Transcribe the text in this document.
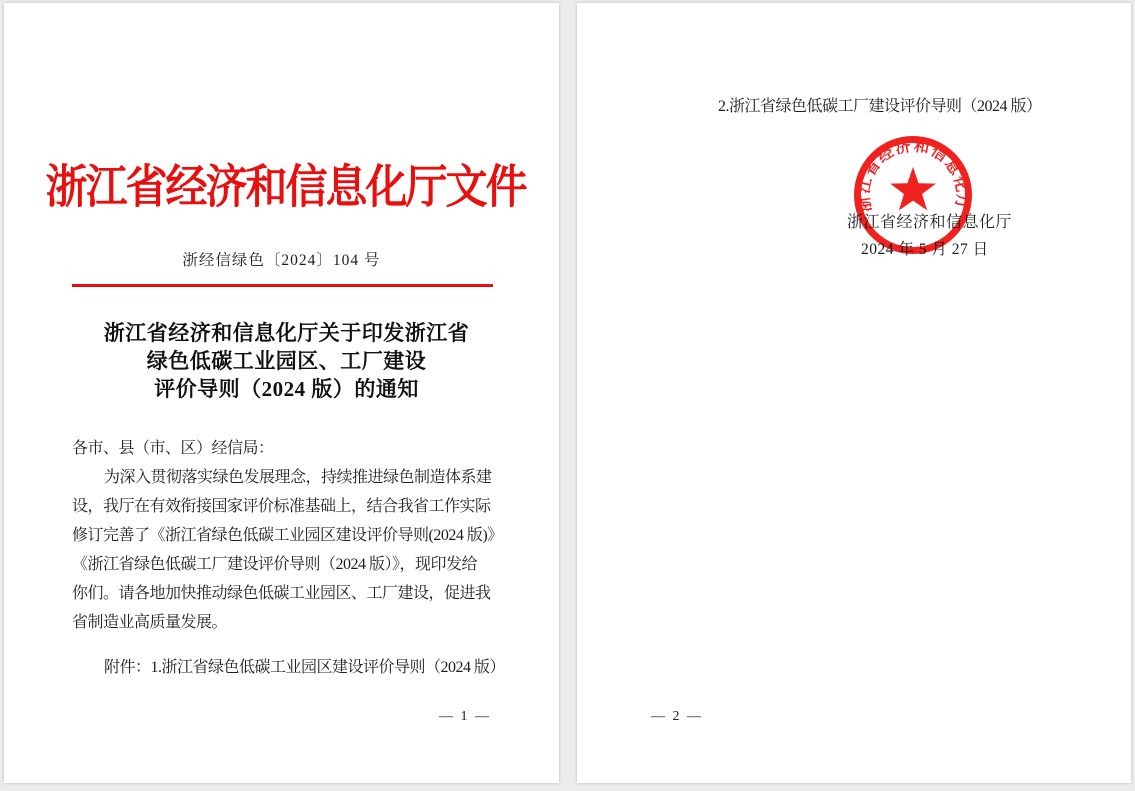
浙江省经济和信息化厅文件
浙经信绿色〔2024〕104 号
浙江省经济和信息化厅关于印发浙江省
绿色低碳工业园区、工厂建设
评价导则（2024 版）的通知
各市、县（市、区）经信局：
为深入贯彻落实绿色发展理念，持续推进绿色制造体系建
设，我厅在有效衔接国家评价标准基础上，结合我省工作实际
修订完善了《浙江省绿色低碳工业园区建设评价导则(2024 版)》
《浙江省绿色低碳工厂建设评价导则（2024 版）》，现印发给
你们。请各地加快推动绿色低碳工业园区、工厂建设，促进我
省制造业高质量发展。
附件：1.浙江省绿色低碳工业园区建设评价导则（2024 版）
— 1 —
2.浙江省绿色低碳工厂建设评价导则（2024 版）
浙江省经济和信息化厅
2024 年 5 月 27 日
浙江省经济和信息化厅
— 2 —
